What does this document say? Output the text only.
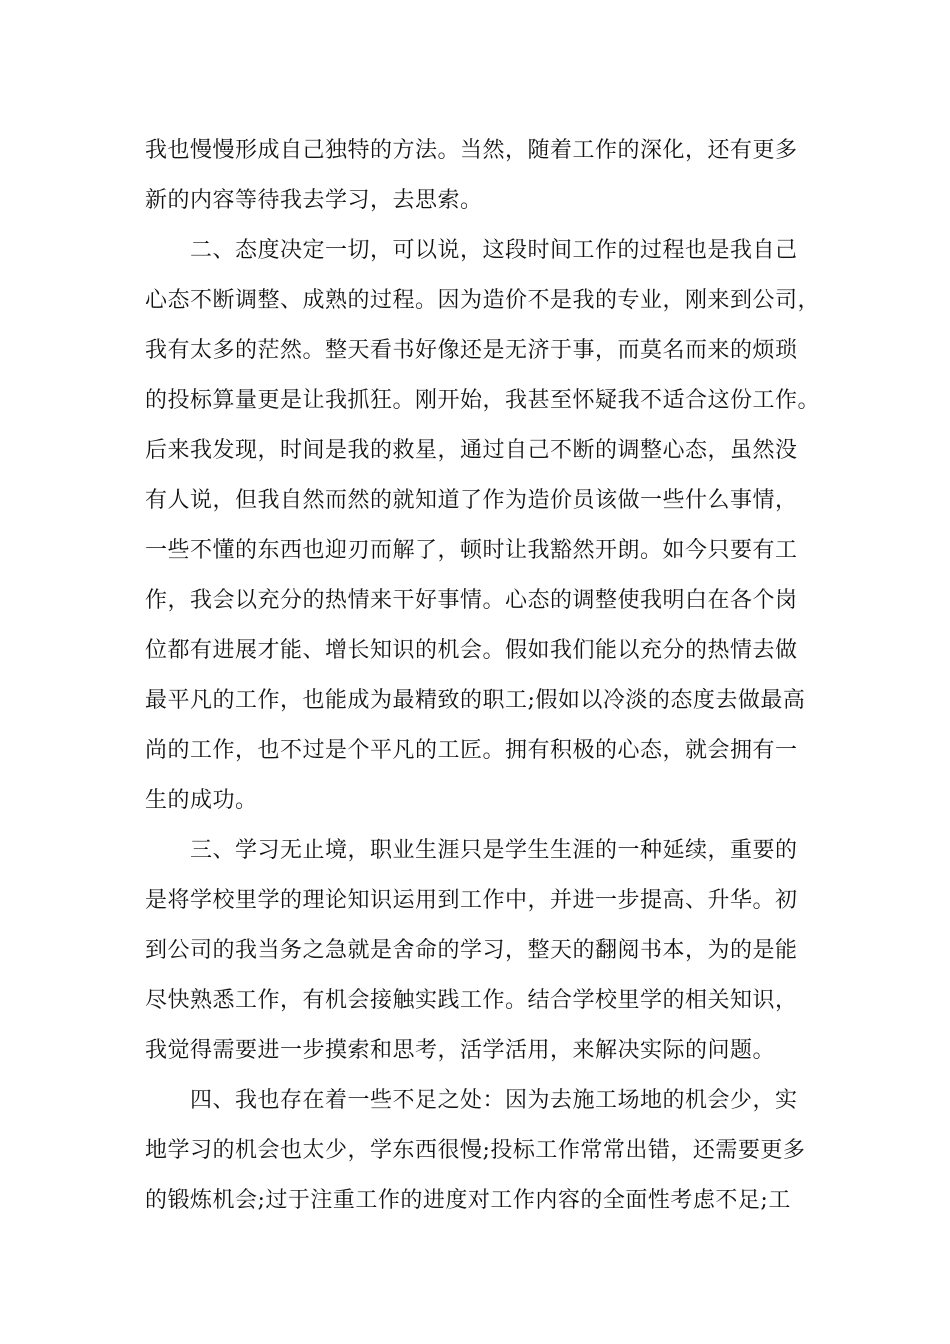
我也慢慢形成自己独特的方法。当然，随着工作的深化，还有更多
新的内容等待我去学习，去思索。
二、态度决定一切，可以说，这段时间工作的过程也是我自己
心态不断调整、成熟的过程。因为造价不是我的专业，刚来到公司，
我有太多的茫然。整天看书好像还是无济于事，而莫名而来的烦琐
的投标算量更是让我抓狂。刚开始，我甚至怀疑我不适合这份工作。
后来我发现，时间是我的救星，通过自己不断的调整心态，虽然没
有人说，但我自然而然的就知道了作为造价员该做一些什么事情，
一些不懂的东西也迎刃而解了，顿时让我豁然开朗。如今只要有工
作，我会以充分的热情来干好事情。心态的调整使我明白在各个岗
位都有进展才能、增长知识的机会。假如我们能以充分的热情去做
最平凡的工作，也能成为最精致的职工;假如以冷淡的态度去做最高
尚的工作，也不过是个平凡的工匠。拥有积极的心态，就会拥有一
生的成功。
三、学习无止境，职业生涯只是学生生涯的一种延续，重要的
是将学校里学的理论知识运用到工作中，并进一步提高、升华。初
到公司的我当务之急就是舍命的学习，整天的翻阅书本，为的是能
尽快熟悉工作，有机会接触实践工作。结合学校里学的相关知识，
我觉得需要进一步摸索和思考，活学活用，来解决实际的问题。
四、我也存在着一些不足之处：因为去施工场地的机会少，实
地学习的机会也太少，学东西很慢;投标工作常常出错，还需要更多
的锻炼机会;过于注重工作的进度对工作内容的全面性考虑不足;工
